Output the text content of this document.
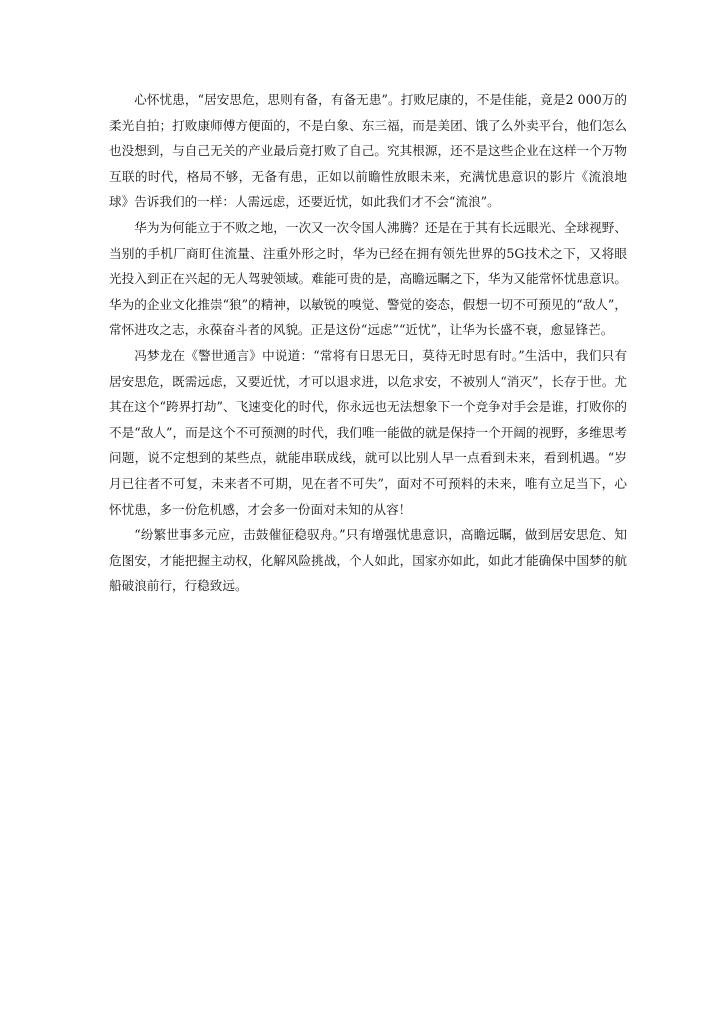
心怀忧患，“居安思危，思则有备，有备无患”。打败尼康的，不是佳能，竟是2 000万的柔光自拍；打败康师傅方便面的，不是白象、东三福，而是美团、饿了么外卖平台，他们怎么也没想到，与自己无关的产业最后竟打败了自己。究其根源，还不是这些企业在这样一个万物互联的时代，格局不够，无备有患，正如以前瞻性放眼未来，充满忧患意识的影片《流浪地球》告诉我们的一样：人需远虑，还要近忧，如此我们才不会“流浪”。

华为为何能立于不败之地，一次又一次令国人沸腾？还是在于其有长远眼光、全球视野、当别的手机厂商盯住流量、注重外形之时，华为已经在拥有领先世界的5G技术之下，又将眼光投入到正在兴起的无人驾驶领域。难能可贵的是，高瞻远瞩之下，华为又能常怀忧患意识。华为的企业文化推崇“狼”的精神，以敏锐的嗅觉、警觉的姿态，假想一切不可预见的“敌人”，常怀进攻之志，永葆奋斗者的风貌。正是这份“远虑”“近忧”，让华为长盛不衰，愈显锋芒。

冯梦龙在《警世通言》中说道：“常将有日思无日，莫待无时思有时。”生活中，我们只有居安思危，既需远虑，又要近忧，才可以退求进，以危求安，不被别人“消灭”，长存于世。尤其在这个“跨界打劫”、飞速变化的时代，你永远也无法想象下一个竞争对手会是谁，打败你的不是“敌人”，而是这个不可预测的时代，我们唯一能做的就是保持一个开阔的视野，多维思考问题，说不定想到的某些点，就能串联成线，就可以比别人早一点看到未来，看到机遇。“岁月已往者不可复，未来者不可期，见在者不可失”，面对不可预料的未来，唯有立足当下，心怀忧患，多一份危机感，才会多一份面对未知的从容！

“纷繁世事多元应，击鼓催征稳驭舟。”只有增强忧患意识，高瞻远瞩，做到居安思危、知危图安，才能把握主动权，化解风险挑战，个人如此，国家亦如此，如此才能确保中国梦的航船破浪前行，行稳致远。
